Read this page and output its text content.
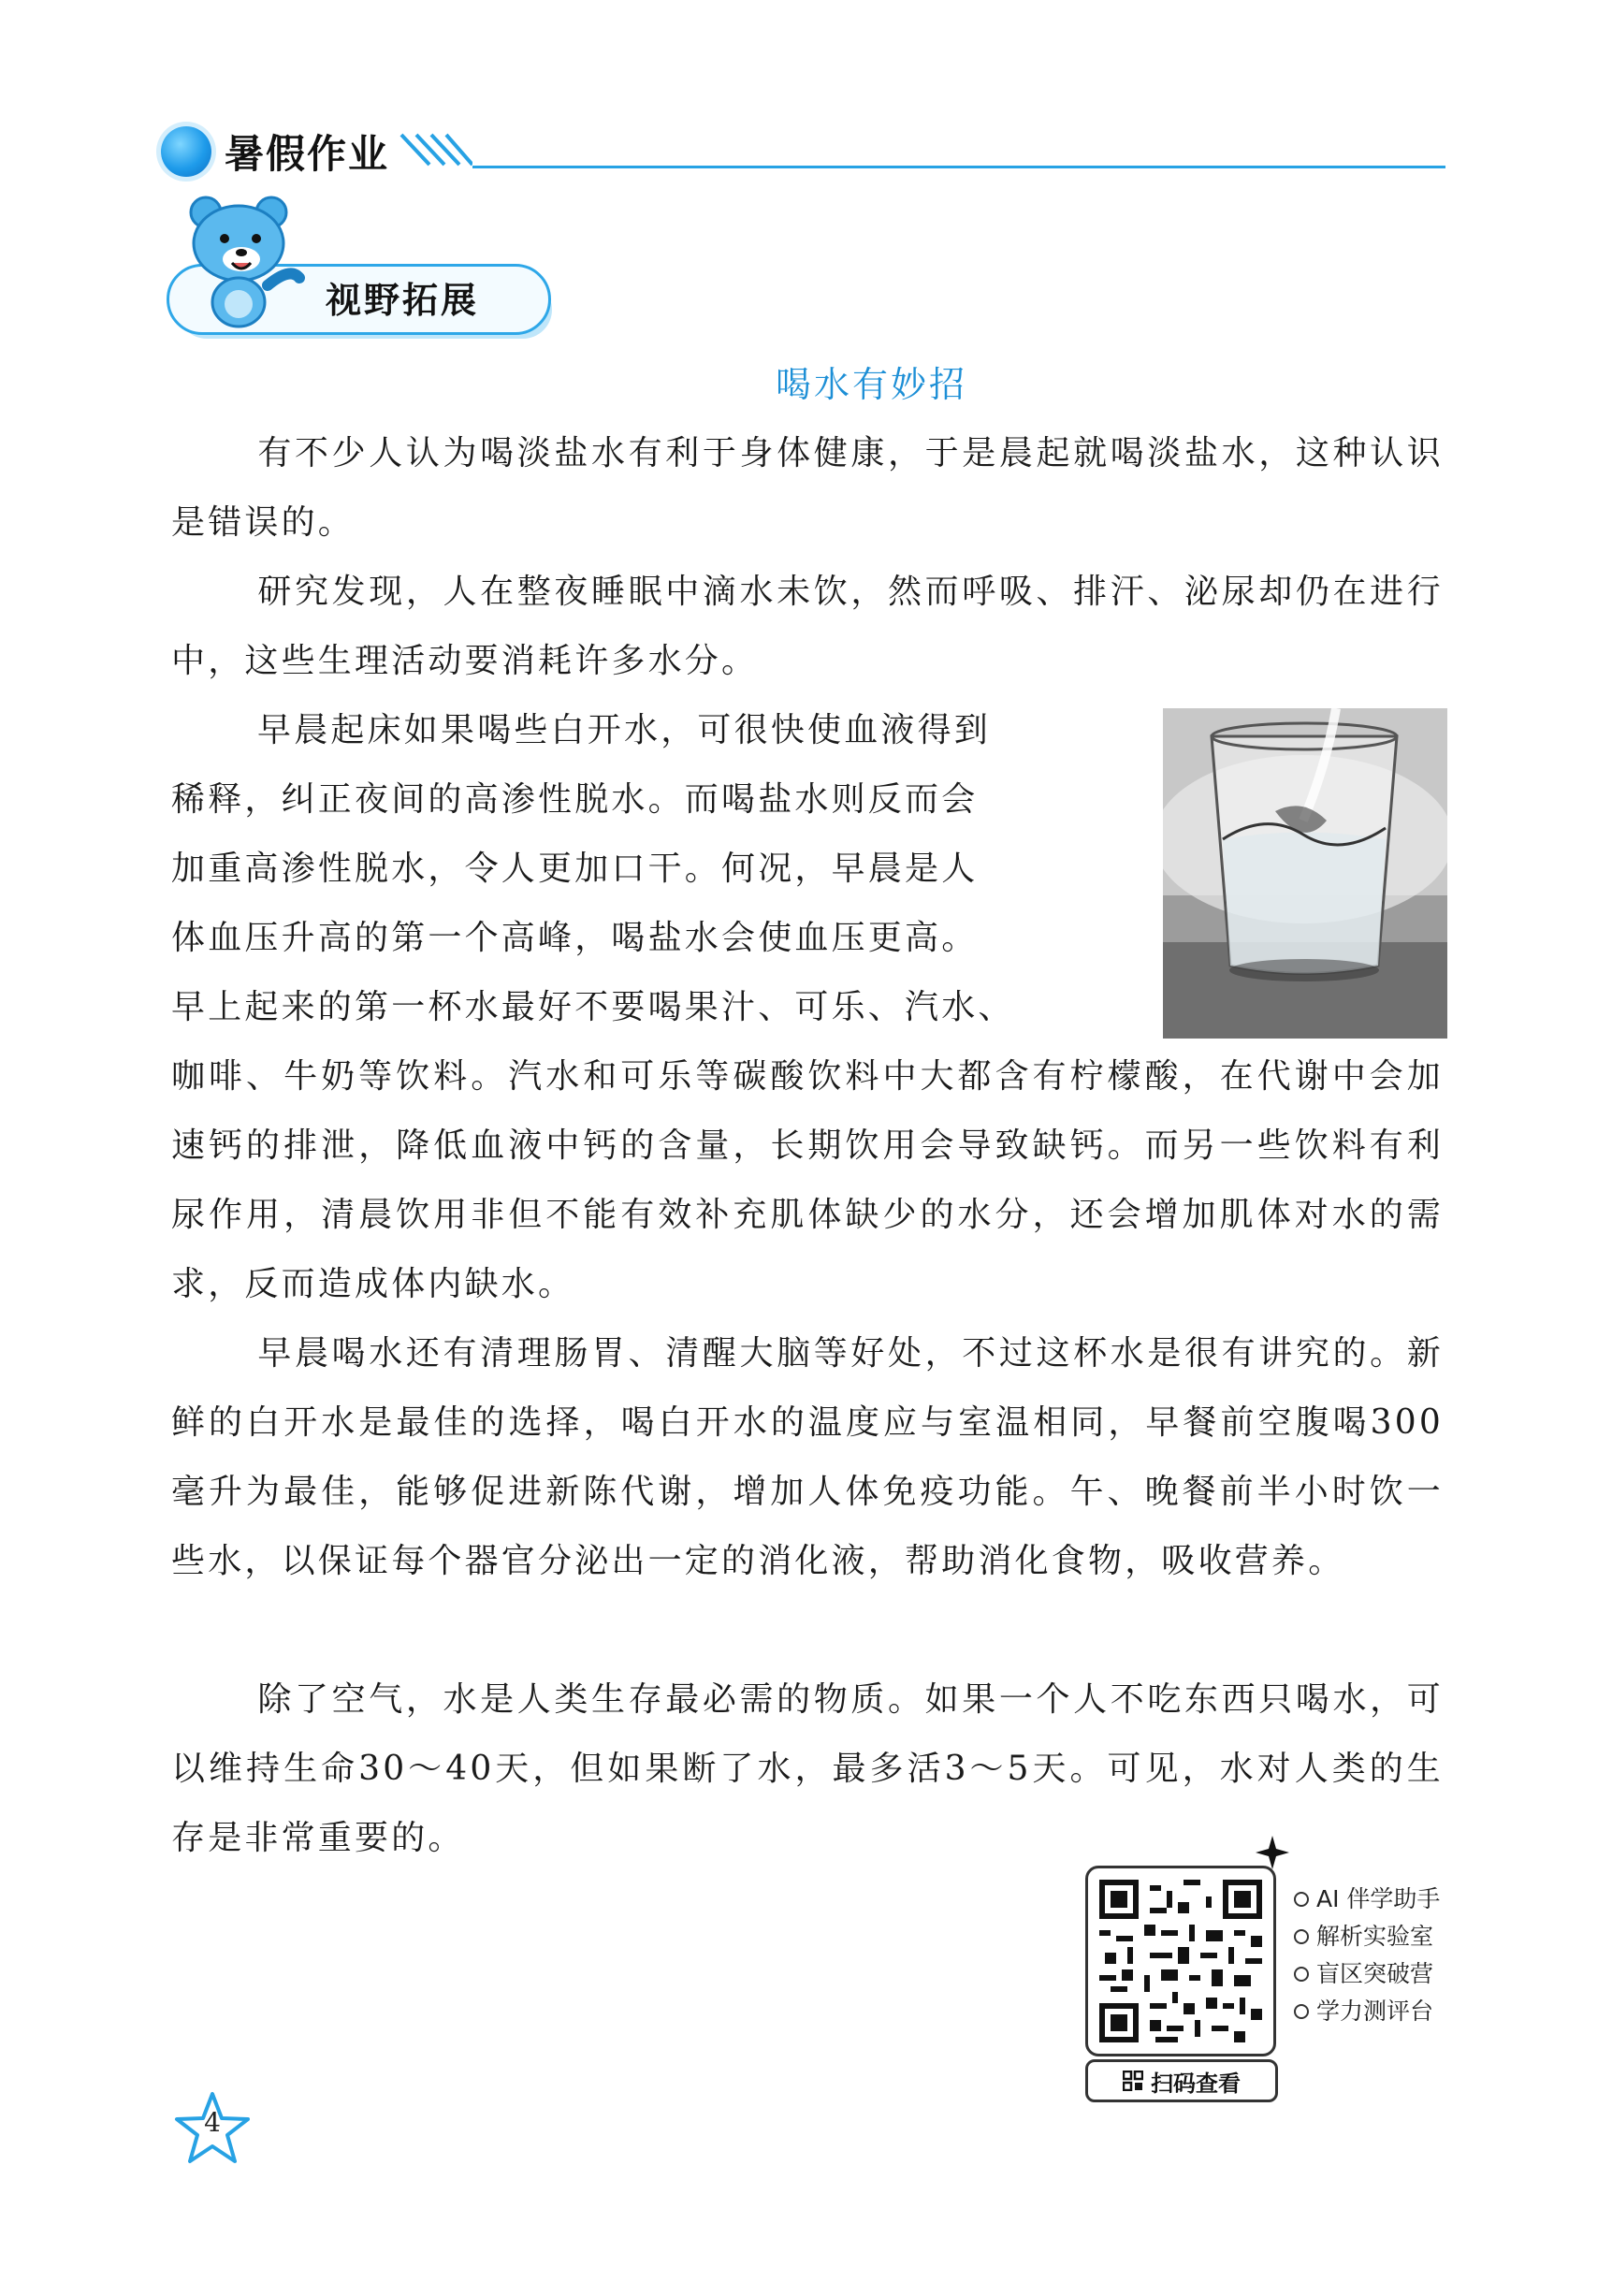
暑假作业
视野拓展
喝水有妙招
有不少人认为喝淡盐水有利于身体健康，于是晨起就喝淡盐水，这种认识是错误的。
研究发现，人在整夜睡眠中滴水未饮，然而呼吸、排汗、泌尿却仍在进行中，这些生理活动要消耗许多水分。
早晨起床如果喝些白开水，可很快使血液得到
稀释，纠正夜间的高渗性脱水。而喝盐水则反而会
加重高渗性脱水，令人更加口干。何况，早晨是人
体血压升高的第一个高峰，喝盐水会使血压更高。
早上起来的第一杯水最好不要喝果汁、可乐、汽水、
咖啡、牛奶等饮料。汽水和可乐等碳酸饮料中大都含有柠檬酸，在代谢中会加速钙的排泄，降低血液中钙的含量，长期饮用会导致缺钙。而另一些饮料有利尿作用，清晨饮用非但不能有效补充肌体缺少的水分，还会增加肌体对水的需求，反而造成体内缺水。
早晨喝水还有清理肠胃、清醒大脑等好处，不过这杯水是很有讲究的。新鲜的白开水是最佳的选择，喝白开水的温度应与室温相同，早餐前空腹喝300毫升为最佳，能够促进新陈代谢，增加人体免疫功能。午、晚餐前半小时饮一些水，以保证每个器官分泌出一定的消化液，帮助消化食物，吸收营养。
除了空气，水是人类生存最必需的物质。如果一个人不吃东西只喝水，可以维持生命30～40天，但如果断了水，最多活3～5天。可见，水对人类的生存是非常重要的。
扫码查看
AI 伴学助手
解析实验室
盲区突破营
学力测评台
4
